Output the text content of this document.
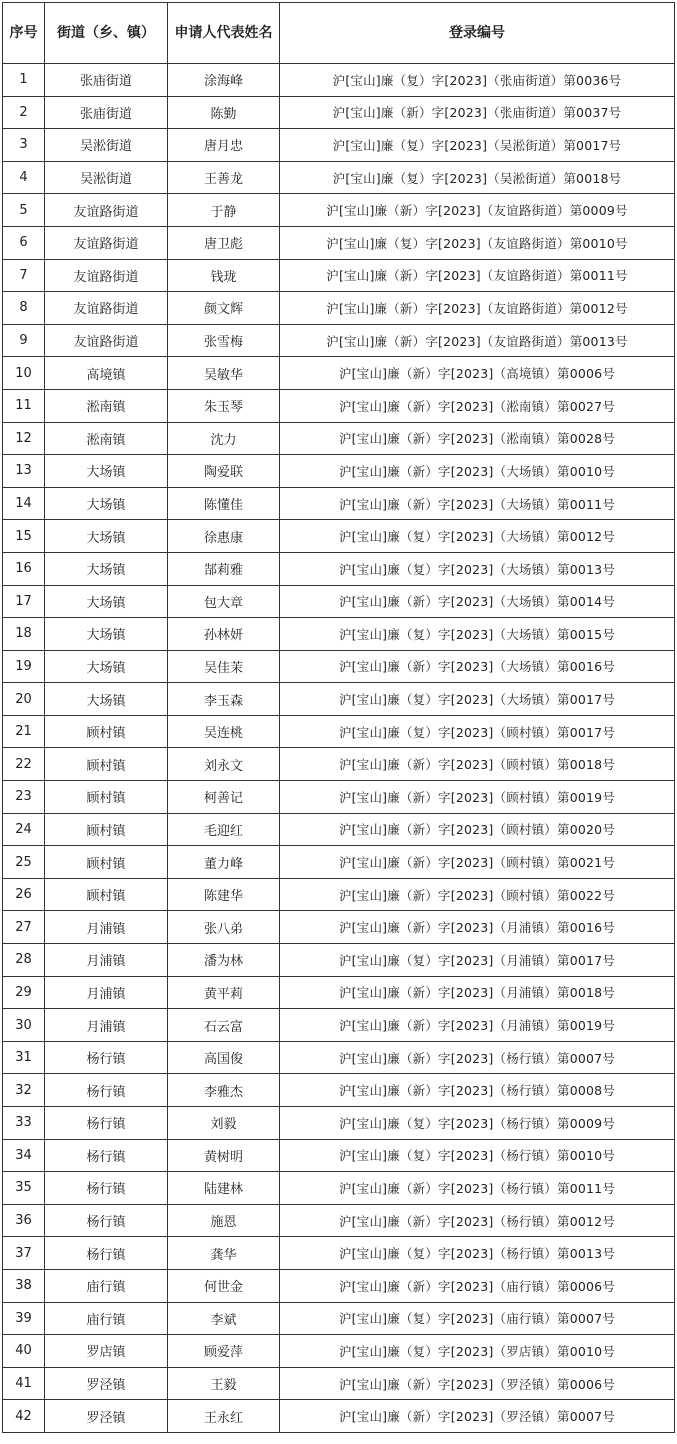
序号	街道（乡、镇）	申请人代表姓名	登录编号
1	张庙街道	涂海峰	沪[宝山]廉（复）字[2023]（张庙街道）第0036号
2	张庙街道	陈勤	沪[宝山]廉（新）字[2023]（张庙街道）第0037号
3	吴淞街道	唐月忠	沪[宝山]廉（复）字[2023]（吴淞街道）第0017号
4	吴淞街道	王善龙	沪[宝山]廉（复）字[2023]（吴淞街道）第0018号
5	友谊路街道	于静	沪[宝山]廉（新）字[2023]（友谊路街道）第0009号
6	友谊路街道	唐卫彪	沪[宝山]廉（复）字[2023]（友谊路街道）第0010号
7	友谊路街道	钱珑	沪[宝山]廉（新）字[2023]（友谊路街道）第0011号
8	友谊路街道	颜文辉	沪[宝山]廉（新）字[2023]（友谊路街道）第0012号
9	友谊路街道	张雪梅	沪[宝山]廉（新）字[2023]（友谊路街道）第0013号
10	高境镇	吴敏华	沪[宝山]廉（新）字[2023]（高境镇）第0006号
11	淞南镇	朱玉琴	沪[宝山]廉（新）字[2023]（淞南镇）第0027号
12	淞南镇	沈力	沪[宝山]廉（新）字[2023]（淞南镇）第0028号
13	大场镇	陶爱联	沪[宝山]廉（新）字[2023]（大场镇）第0010号
14	大场镇	陈懂佳	沪[宝山]廉（新）字[2023]（大场镇）第0011号
15	大场镇	徐惠康	沪[宝山]廉（复）字[2023]（大场镇）第0012号
16	大场镇	郜莉雅	沪[宝山]廉（复）字[2023]（大场镇）第0013号
17	大场镇	包大章	沪[宝山]廉（新）字[2023]（大场镇）第0014号
18	大场镇	孙林妍	沪[宝山]廉（复）字[2023]（大场镇）第0015号
19	大场镇	吴佳茉	沪[宝山]廉（新）字[2023]（大场镇）第0016号
20	大场镇	李玉森	沪[宝山]廉（复）字[2023]（大场镇）第0017号
21	顾村镇	吴连桃	沪[宝山]廉（复）字[2023]（顾村镇）第0017号
22	顾村镇	刘永文	沪[宝山]廉（新）字[2023]（顾村镇）第0018号
23	顾村镇	柯善记	沪[宝山]廉（新）字[2023]（顾村镇）第0019号
24	顾村镇	毛迎红	沪[宝山]廉（新）字[2023]（顾村镇）第0020号
25	顾村镇	董力峰	沪[宝山]廉（新）字[2023]（顾村镇）第0021号
26	顾村镇	陈建华	沪[宝山]廉（新）字[2023]（顾村镇）第0022号
27	月浦镇	张八弟	沪[宝山]廉（新）字[2023]（月浦镇）第0016号
28	月浦镇	潘为林	沪[宝山]廉（复）字[2023]（月浦镇）第0017号
29	月浦镇	黄平莉	沪[宝山]廉（新）字[2023]（月浦镇）第0018号
30	月浦镇	石云富	沪[宝山]廉（新）字[2023]（月浦镇）第0019号
31	杨行镇	高国俊	沪[宝山]廉（新）字[2023]（杨行镇）第0007号
32	杨行镇	李雅杰	沪[宝山]廉（新）字[2023]（杨行镇）第0008号
33	杨行镇	刘毅	沪[宝山]廉（复）字[2023]（杨行镇）第0009号
34	杨行镇	黄树明	沪[宝山]廉（复）字[2023]（杨行镇）第0010号
35	杨行镇	陆建林	沪[宝山]廉（新）字[2023]（杨行镇）第0011号
36	杨行镇	施恩	沪[宝山]廉（新）字[2023]（杨行镇）第0012号
37	杨行镇	龚华	沪[宝山]廉（复）字[2023]（杨行镇）第0013号
38	庙行镇	何世金	沪[宝山]廉（新）字[2023]（庙行镇）第0006号
39	庙行镇	李斌	沪[宝山]廉（复）字[2023]（庙行镇）第0007号
40	罗店镇	顾爱萍	沪[宝山]廉（复）字[2023]（罗店镇）第0010号
41	罗泾镇	王毅	沪[宝山]廉（新）字[2023]（罗泾镇）第0006号
42	罗泾镇	王永红	沪[宝山]廉（新）字[2023]（罗泾镇）第0007号
